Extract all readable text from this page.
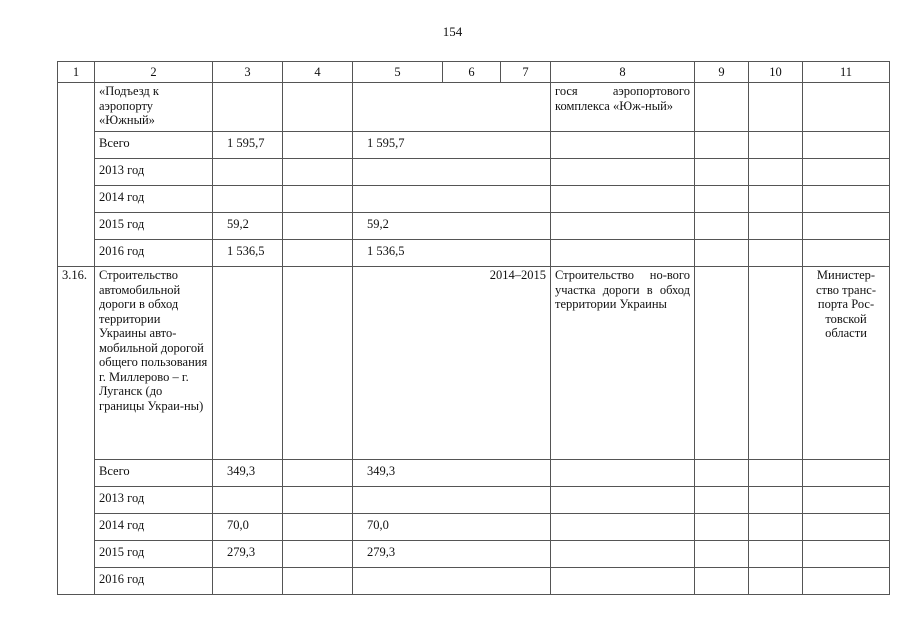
154
1	2	3	4	5	6	7	8	9	10	11
	«Подъезд к аэропорту «Южный»						гося аэропортового комплекса «Юж-ный»			
	Всего	1 595,7		1 595,7						
	2013 год									
	2014 год									
	2015 год	59,2		59,2						
	2016 год	1 536,5		1 536,5						
3.16.	Строительство автомобильной дороги в обход территории Украины авто-мобильной дорогой общего пользования г. Миллерово – г. Луганск (до границы Украи-ны)			2014–2015			Строительство но-вого участка дороги в обход территории Украины			Министер-ство транс-порта Рос-товской области
	Всего	349,3		349,3						
	2013 год									
	2014 год	70,0		70,0						
	2015 год	279,3		279,3						
	2016 год									
